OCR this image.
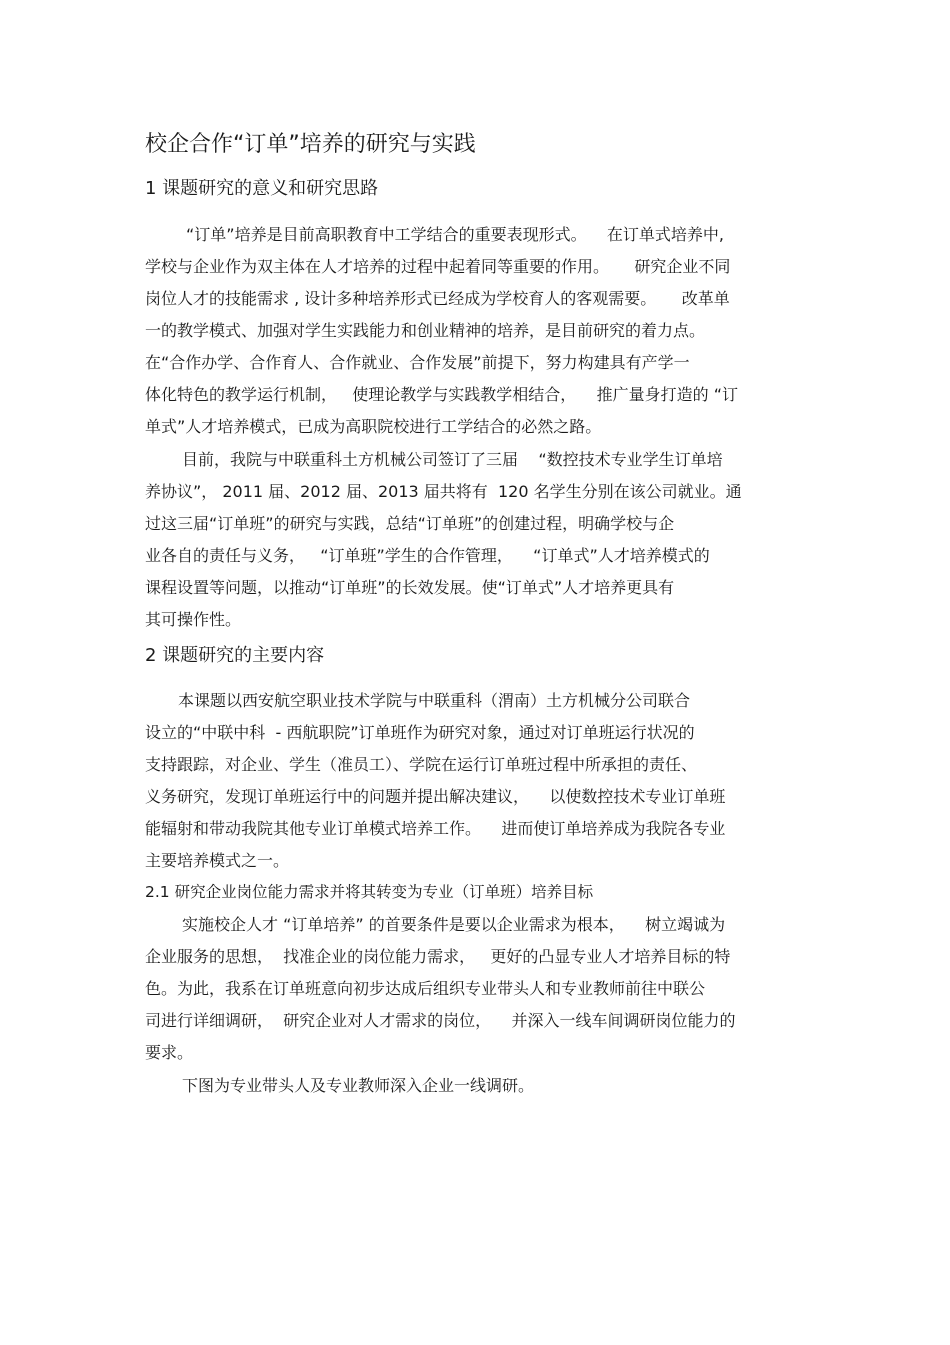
校企合作“订单”培养的研究与实践
1 课题研究的意义和研究思路
“订单”培养是目前高职教育中工学结合的重要表现形式。    在订单式培养中,
学校与企业作为双主体在人才培养的过程中起着同等重要的作用。     研究企业不同
岗位人才的技能需求 , 设计多种培养形式已经成为学校育人的客观需要。     改革单
一的教学模式、加强对学生实践能力和创业精神的培养，是目前研究的着力点。
在“合作办学、合作育人、合作就业、合作发展”前提下，努力构建具有产学一
体化特色的教学运行机制，   使理论教学与实践教学相结合，    推广量身打造的 “订
单式”人才培养模式，已成为高职院校进行工学结合的必然之路。
目前，我院与中联重科土方机械公司签订了三届    “数控技术专业学生订单培
养协议”， 2011 届、2012 届、2013 届共将有  120 名学生分别在该公司就业。通
过这三届“订单班”的研究与实践，总结“订单班”的创建过程，明确学校与企
业各自的责任与义务，   “订单班”学生的合作管理，    “订单式”人才培养模式的
课程设置等问题，以推动“订单班”的长效发展。使“订单式”人才培养更具有
其可操作性。
2 课题研究的主要内容
本课题以西安航空职业技术学院与中联重科（渭南）土方机械分公司联合
设立的“中联中科  - 西航职院”订单班作为研究对象，通过对订单班运行状况的
支持跟踪，对企业、学生（准员工）、学院在运行订单班过程中所承担的责任、
义务研究，发现订单班运行中的问题并提出解决建议，    以使数控技术专业订单班
能辐射和带动我院其他专业订单模式培养工作。    进而使订单培养成为我院各专业
主要培养模式之一。
2.1 研究企业岗位能力需求并将其转变为专业（订单班）培养目标
实施校企人才 “订单培养” 的首要条件是要以企业需求为根本，    树立竭诚为
企业服务的思想，  找准企业的岗位能力需求，   更好的凸显专业人才培养目标的特
色。为此，我系在订单班意向初步达成后组织专业带头人和专业教师前往中联公
司进行详细调研，  研究企业对人才需求的岗位，    并深入一线车间调研岗位能力的
要求。
下图为专业带头人及专业教师深入企业一线调研。
